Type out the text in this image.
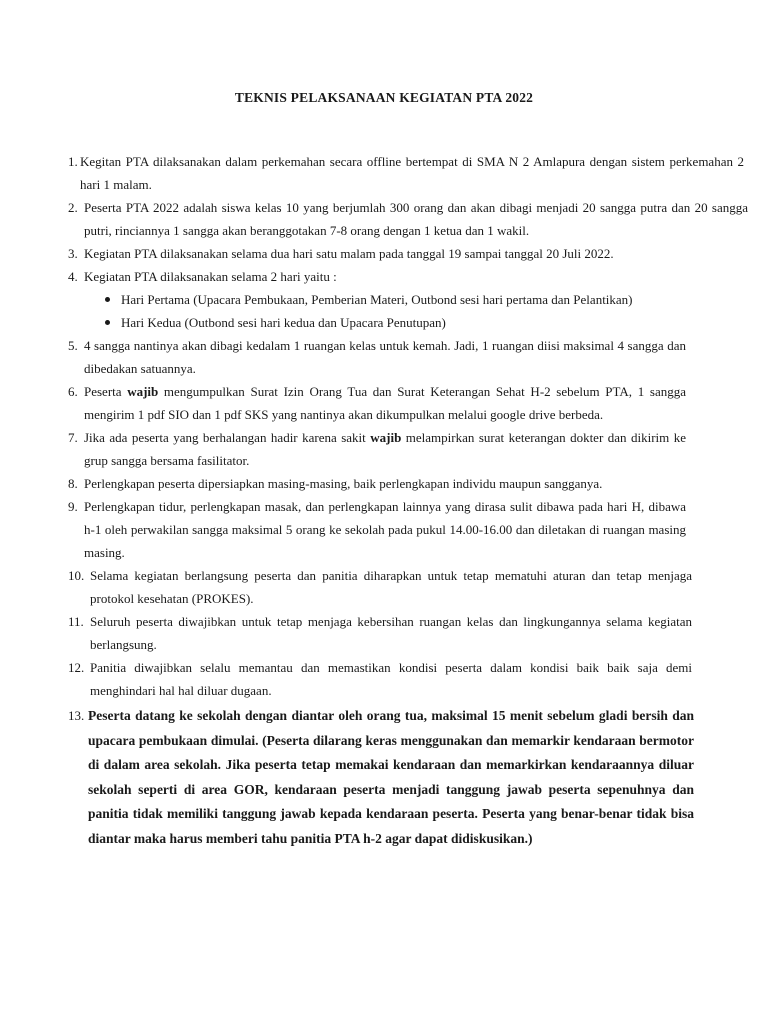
TEKNIS PELAKSANAAN KEGIATAN PTA 2022
1. Kegitan PTA dilaksanakan dalam perkemahan secara offline bertempat di SMA N 2 Amlapura dengan sistem perkemahan 2 hari 1 malam.

2. Peserta PTA 2022 adalah siswa kelas 10 yang berjumlah 300 orang dan akan dibagi menjadi 20 sangga putra dan 20 sangga putri, rinciannya 1 sangga akan beranggotakan 7-8 orang dengan 1 ketua dan 1 wakil.

3. Kegiatan PTA dilaksanakan selama dua hari satu malam pada tanggal 19 sampai tanggal 20 Juli 2022.

4. Kegiatan PTA dilaksanakan selama 2 hari yaitu :

Hari Pertama (Upacara Pembukaan, Pemberian Materi, Outbond sesi hari pertama dan Pelantikan)
Hari Kedua (Outbond sesi hari kedua dan Upacara Penutupan)
5. 4 sangga nantinya akan dibagi kedalam 1 ruangan kelas untuk kemah. Jadi, 1 ruangan diisi maksimal 4 sangga dan dibedakan satuannya.

6. Peserta wajib mengumpulkan Surat Izin Orang Tua dan Surat Keterangan Sehat H-2 sebelum PTA, 1 sangga mengirim 1 pdf SIO dan 1 pdf SKS yang nantinya akan dikumpulkan melalui google drive berbeda.

7. Jika ada peserta yang berhalangan hadir karena sakit wajib melampirkan surat keterangan dokter dan dikirim ke grup sangga bersama fasilitator.

8. Perlengkapan peserta dipersiapkan masing-masing, baik perlengkapan individu maupun sangganya.

9. Perlengkapan tidur, perlengkapan masak, dan perlengkapan lainnya yang dirasa sulit dibawa pada hari H, dibawa h-1 oleh perwakilan sangga maksimal 5 orang ke sekolah pada pukul 14.00-16.00 dan diletakan di ruangan masing masing.

10. Selama kegiatan berlangsung peserta dan panitia diharapkan untuk tetap mematuhi aturan dan tetap menjaga protokol kesehatan (PROKES).

11. Seluruh peserta diwajibkan untuk tetap menjaga kebersihan ruangan kelas dan lingkungannya selama kegiatan berlangsung.

12. Panitia diwajibkan selalu memantau dan memastikan kondisi peserta dalam kondisi baik baik saja demi menghindari hal hal diluar dugaan.

13. Peserta datang ke sekolah dengan diantar oleh orang tua, maksimal 15 menit sebelum gladi bersih dan upacara pembukaan dimulai. (Peserta dilarang keras menggunakan dan memarkir kendaraan bermotor di dalam area sekolah. Jika peserta tetap memakai kendaraan dan memarkirkan kendaraannya diluar sekolah seperti di area GOR, kendaraan peserta menjadi tanggung jawab peserta sepenuhnya dan panitia tidak memiliki tanggung jawab kepada kendaraan peserta. Peserta yang benar-benar tidak bisa diantar maka harus memberi tahu panitia PTA h-2 agar dapat didiskusikan.)
